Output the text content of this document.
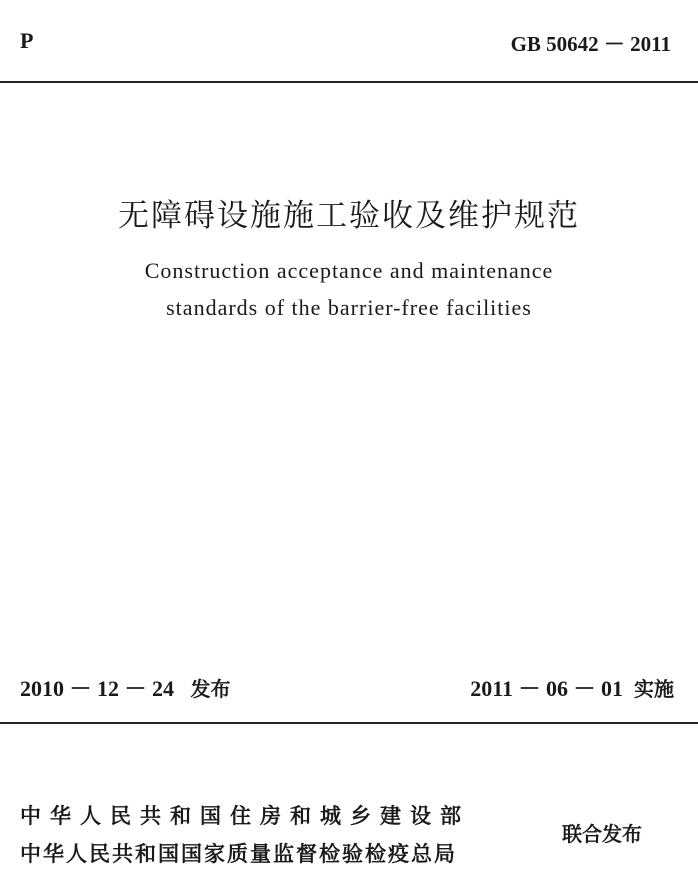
P	GB 50642 － 2011
无障碍设施施工验收及维护规范
Construction acceptance and maintenance
standards of the barrier-free facilities
2010 － 12 － 24 发布	2011 － 06 － 01 实施
中华人民共和国住房和城乡建设部
中华人民共和国国家质量监督检验检疫总局
联合发布
